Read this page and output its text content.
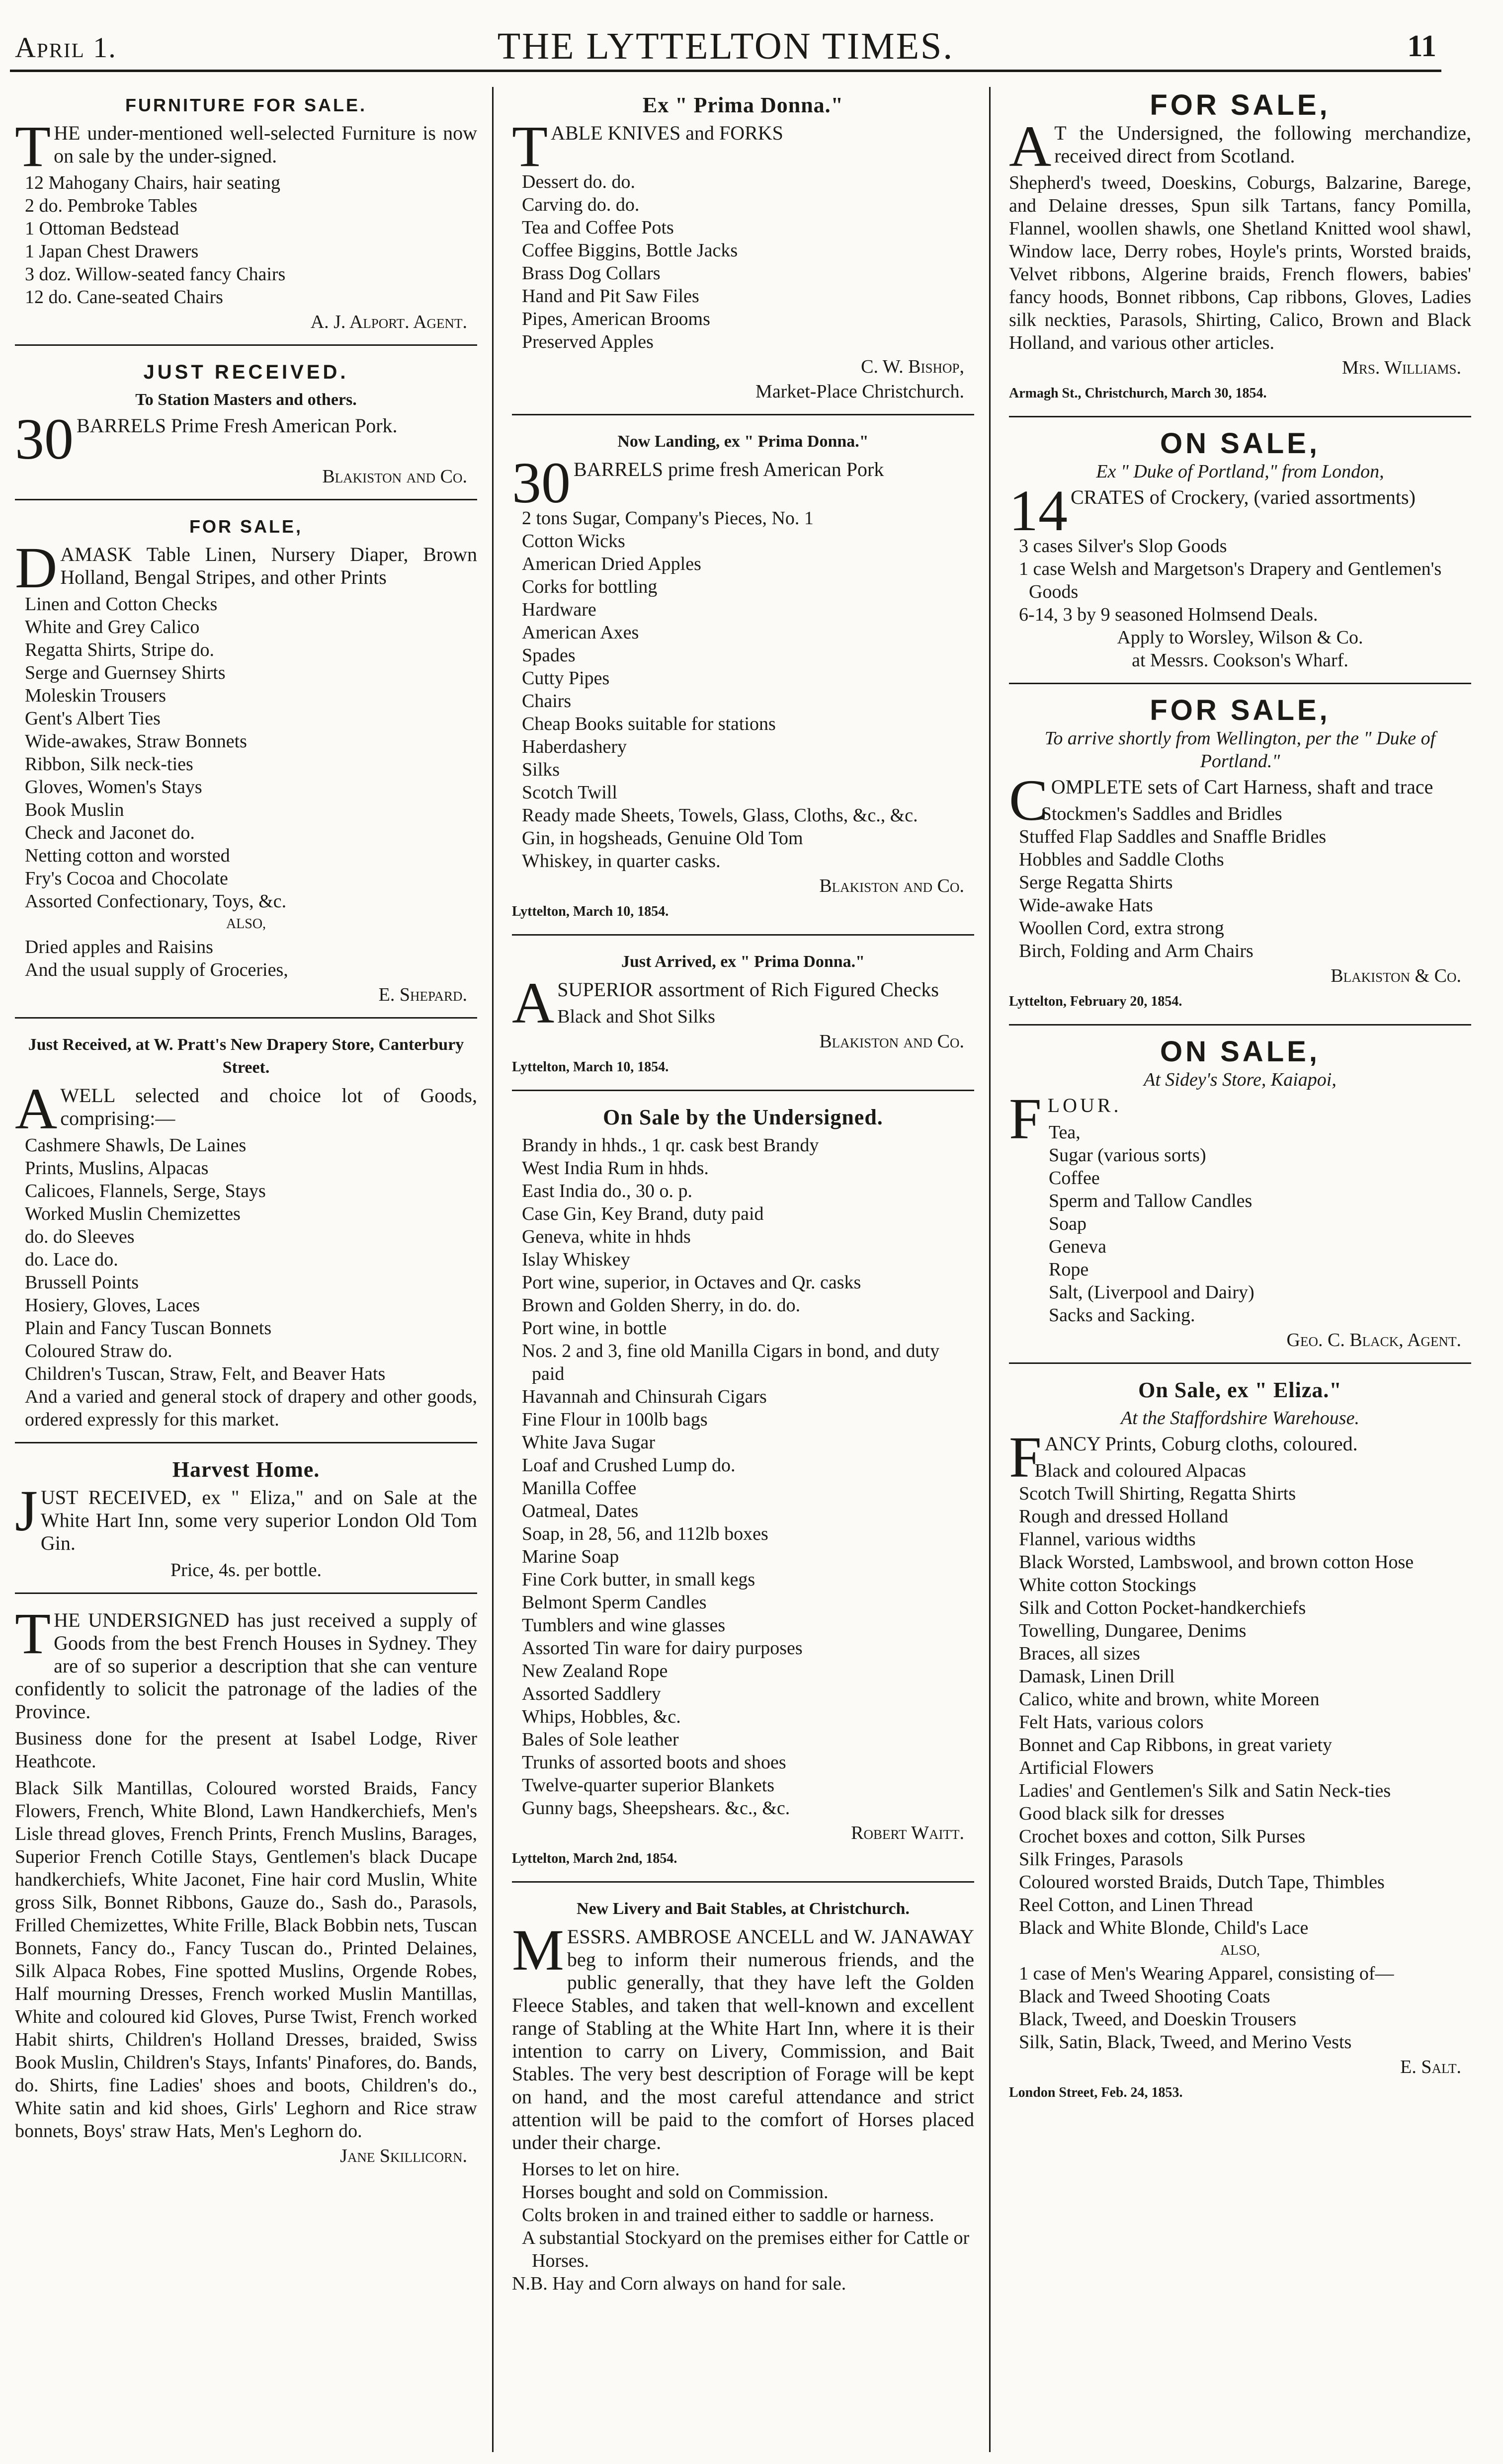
April 1.	THE LYTTELTON TIMES.	11
FURNITURE FOR SALE.
THE under-mentioned well-selected Furniture is now on sale by the under-signed.
12 Mahogany Chairs, hair seating
2 do. Pembroke Tables
1 Ottoman Bedstead
1 Japan Chest Drawers
3 doz. Willow-seated fancy Chairs
12 do. Cane-seated Chairs
A. J. Alport. Agent.
JUST RECEIVED.
To Station Masters and others.
30 BARRELS Prime Fresh American Pork.
Blakiston and Co.
FOR SALE,
DAMASK Table Linen, Nursery Diaper, Brown Holland, Bengal Stripes, and other Prints
Linen and Cotton Checks
White and Grey Calico
Regatta Shirts, Stripe do.
Serge and Guernsey Shirts
Moleskin Trousers
Gent's Albert Ties
Wide-awakes, Straw Bonnets
Ribbon, Silk neck-ties
Gloves, Women's Stays
Book Muslin
Check and Jaconet do.
Netting cotton and worsted
Fry's Cocoa and Chocolate
Assorted Confectionary, Toys, &c.
ALSO,
Dried apples and Raisins
And the usual supply of Groceries,
E. Shepard.
Just Received, at W. Pratt's New Drapery Store, Canterbury Street.
AWELL selected and choice lot of Goods, comprising:—
Cashmere Shawls, De Laines
Prints, Muslins, Alpacas
Calicoes, Flannels, Serge, Stays
Worked Muslin Chemizettes
do. do Sleeves
do. Lace do.
Brussell Points
Hosiery, Gloves, Laces
Plain and Fancy Tuscan Bonnets
Coloured Straw do.
Children's Tuscan, Straw, Felt, and Beaver Hats
And a varied and general stock of drapery and other goods, ordered expressly for this market.
Harvest Home.
JUST RECEIVED, ex " Eliza," and on Sale at the White Hart Inn, some very superior London Old Tom Gin.
Price, 4s. per bottle.
THE UNDERSIGNED has just received a supply of Goods from the best French Houses in Sydney. They are of so superior a description that she can venture confidently to solicit the patronage of the ladies of the Province.
Business done for the present at Isabel Lodge, River Heathcote.
Black Silk Mantillas, Coloured worsted Braids, Fancy Flowers, French, White Blond, Lawn Handkerchiefs, Men's Lisle thread gloves, French Prints, French Muslins, Barages, Superior French Cotille Stays, Gentlemen's black Ducape handkerchiefs, White Jaconet, Fine hair cord Muslin, White gross Silk, Bonnet Ribbons, Gauze do., Sash do., Parasols, Frilled Chemizettes, White Frille, Black Bobbin nets, Tuscan Bonnets, Fancy do., Fancy Tuscan do., Printed Delaines, Silk Alpaca Robes, Fine spotted Muslins, Orgende Robes, Half mourning Dresses, French worked Muslin Mantillas, White and coloured kid Gloves, Purse Twist, French worked Habit shirts, Children's Holland Dresses, braided, Swiss Book Muslin, Children's Stays, Infants' Pinafores, do. Bands, do. Shirts, fine Ladies' shoes and boots, Children's do., White satin and kid shoes, Girls' Leghorn and Rice straw bonnets, Boys' straw Hats, Men's Leghorn do.
Jane Skillicorn.
Ex " Prima Donna."
TABLE KNIVES and FORKS
Dessert do. do.
Carving do. do.
Tea and Coffee Pots
Coffee Biggins, Bottle Jacks
Brass Dog Collars
Hand and Pit Saw Files
Pipes, American Brooms
Preserved Apples
C. W. Bishop,
Market-Place Christchurch.
Now Landing, ex " Prima Donna."
30 BARRELS prime fresh American Pork
2 tons Sugar, Company's Pieces, No. 1
Cotton Wicks
American Dried Apples
Corks for bottling
Hardware
American Axes
Spades
Cutty Pipes
Chairs
Cheap Books suitable for stations
Haberdashery
Silks
Scotch Twill
Ready made Sheets, Towels, Glass, Cloths, &c., &c.
Gin, in hogsheads, Genuine Old Tom
Whiskey, in quarter casks.
Blakiston and Co.
Lyttelton, March 10, 1854.
Just Arrived, ex " Prima Donna."
ASUPERIOR assortment of Rich Figured Checks
Black and Shot Silks
Blakiston and Co.
Lyttelton, March 10, 1854.
On Sale by the Undersigned.
Brandy in hhds., 1 qr. cask best Brandy
West India Rum in hhds.
East India do., 30 o. p.
Case Gin, Key Brand, duty paid
Geneva, white in hhds
Islay Whiskey
Port wine, superior, in Octaves and Qr. casks
Brown and Golden Sherry, in do. do.
Port wine, in bottle
Nos. 2 and 3, fine old Manilla Cigars in bond, and duty paid
Havannah and Chinsurah Cigars
Fine Flour in 100lb bags
White Java Sugar
Loaf and Crushed Lump do.
Manilla Coffee
Oatmeal, Dates
Soap, in 28, 56, and 112lb boxes
Marine Soap
Fine Cork butter, in small kegs
Belmont Sperm Candles
Tumblers and wine glasses
Assorted Tin ware for dairy purposes
New Zealand Rope
Assorted Saddlery
Whips, Hobbles, &c.
Bales of Sole leather
Trunks of assorted boots and shoes
Twelve-quarter superior Blankets
Gunny bags, Sheepshears. &c., &c.
Robert Waitt.
Lyttelton, March 2nd, 1854.
New Livery and Bait Stables, at Christchurch.
MESSRS. AMBROSE ANCELL and W. JANAWAY beg to inform their numerous friends, and the public generally, that they have left the Golden Fleece Stables, and taken that well-known and excellent range of Stabling at the White Hart Inn, where it is their intention to carry on Livery, Commission, and Bait Stables. The very best description of Forage will be kept on hand, and the most careful attendance and strict attention will be paid to the comfort of Horses placed under their charge.
Horses to let on hire.
Horses bought and sold on Commission.
Colts broken in and trained either to saddle or harness.
A substantial Stockyard on the premises either for Cattle or Horses.
N.B. Hay and Corn always on hand for sale.
FOR SALE,
A T the Undersigned, the following merchandize, received direct from Scotland.
Shepherd's tweed, Doeskins, Coburgs, Balzarine, Barege, and Delaine dresses, Spun silk Tartans, fancy Pomilla, Flannel, woollen shawls, one Shetland Knitted wool shawl, Window lace, Derry robes, Hoyle's prints, Worsted braids, Velvet ribbons, Algerine braids, French flowers, babies' fancy hoods, Bonnet ribbons, Cap ribbons, Gloves, Ladies silk neckties, Parasols, Shirting, Calico, Brown and Black Holland, and various other articles.
Mrs. Williams.
Armagh St., Christchurch, March 30, 1854.
ON SALE,
Ex " Duke of Portland," from London,
14 CRATES of Crockery, (varied assortments)
3 cases Silver's Slop Goods
1 case Welsh and Margetson's Drapery and Gentlemen's Goods
6-14, 3 by 9 seasoned Holmsend Deals.
Apply to Worsley, Wilson & Co.
at Messrs. Cookson's Wharf.
FOR SALE,
To arrive shortly from Wellington, per the " Duke of Portland."
COMPLETE sets of Cart Harness, shaft and trace
Stockmen's Saddles and Bridles
Stuffed Flap Saddles and Snaffle Bridles
Hobbles and Saddle Cloths
Serge Regatta Shirts
Wide-awake Hats
Woollen Cord, extra strong
Birch, Folding and Arm Chairs
Blakiston & Co.
Lyttelton, February 20, 1854.
ON SALE,
At Sidey's Store, Kaiapoi,
FLOUR.
Tea,
Sugar (various sorts)
Coffee
Sperm and Tallow Candles
Soap
Geneva
Rope
Salt, (Liverpool and Dairy)
Sacks and Sacking.
Geo. C. Black, Agent.
On Sale, ex " Eliza."
At the Staffordshire Warehouse.
FANCY Prints, Coburg cloths, coloured.
Black and coloured Alpacas
Scotch Twill Shirting, Regatta Shirts
Rough and dressed Holland
Flannel, various widths
Black Worsted, Lambswool, and brown cotton Hose
White cotton Stockings
Silk and Cotton Pocket-handkerchiefs
Towelling, Dungaree, Denims
Braces, all sizes
Damask, Linen Drill
Calico, white and brown, white Moreen
Felt Hats, various colors
Bonnet and Cap Ribbons, in great variety
Artificial Flowers
Ladies' and Gentlemen's Silk and Satin Neck-ties
Good black silk for dresses
Crochet boxes and cotton, Silk Purses
Silk Fringes, Parasols
Coloured worsted Braids, Dutch Tape, Thimbles
Reel Cotton, and Linen Thread
Black and White Blonde, Child's Lace
ALSO,
1 case of Men's Wearing Apparel, consisting of—
Black and Tweed Shooting Coats
Black, Tweed, and Doeskin Trousers
Silk, Satin, Black, Tweed, and Merino Vests
E. Salt.
London Street, Feb. 24, 1853.
